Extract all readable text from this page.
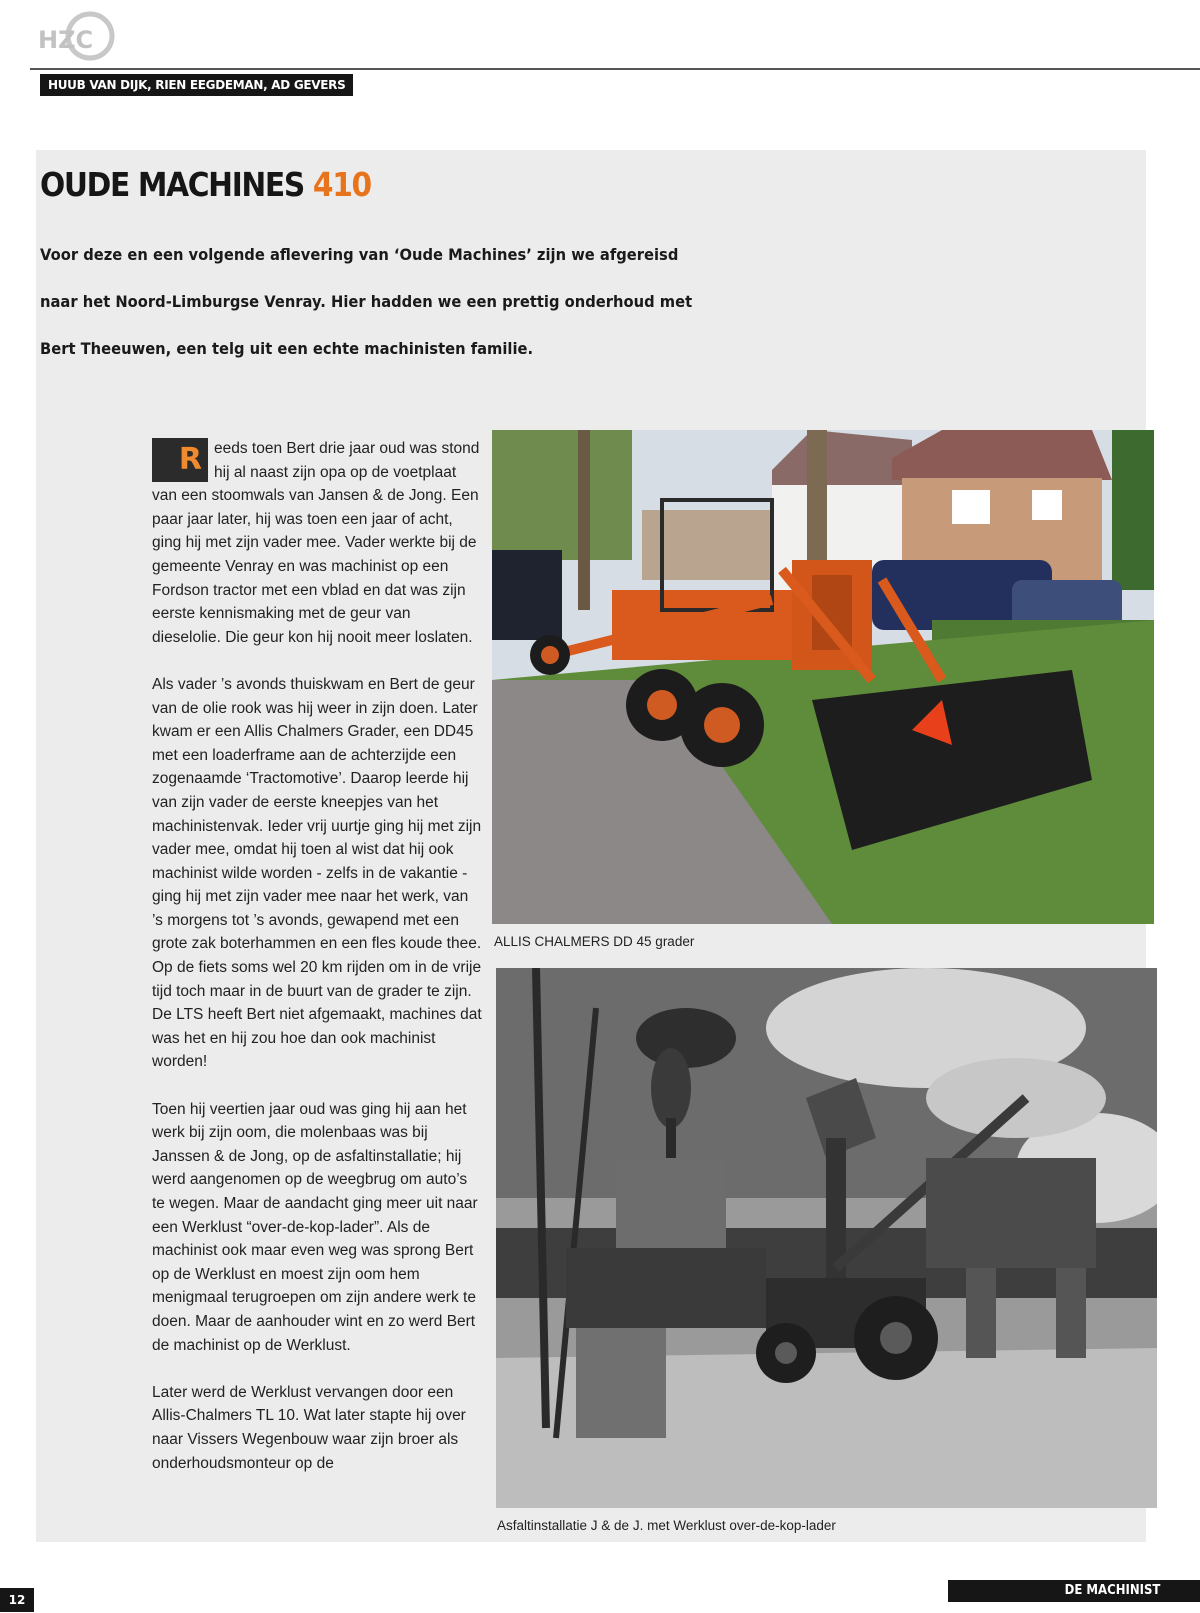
HZC
HUUB VAN DIJK, RIEN EEGDEMAN, AD GEVERS
OUDE MACHINES 410

Voor deze en een volgende aflevering van ‘Oude Machines’ zijn we afgereisd

naar het Noord-Limburgse Venray. Hier hadden we een prettig onderhoud met

Bert Theeuwen, een telg uit een echte machinisten familie.

R eeds toen Bert drie jaar oud was stond hij al naast zijn opa op de voetplaat van een stoomwals van Jansen & de Jong. Een paar jaar later, hij was toen een jaar of acht, ging hij met zijn vader mee. Vader werkte bij de gemeente Venray en was machinist op een Fordson tractor met een vblad en dat was zijn eerste kennismaking met de geur van dieselolie. Die geur kon hij nooit meer loslaten.

Als vader ’s avonds thuiskwam en Bert de geur van de olie rook was hij weer in zijn doen. Later kwam er een Allis Chalmers Grader, een DD45 met een loaderframe aan de achterzijde een zogenaamde ‘Tractomotive’. Daarop leerde hij van zijn vader de eerste kneepjes van het machinistenvak. Ieder vrij uurtje ging hij met zijn vader mee, omdat hij toen al wist dat hij ook machinist wilde worden - zelfs in de vakantie - ging hij met zijn vader mee naar het werk, van ’s morgens tot ’s avonds, gewapend met een grote zak boterhammen en een fles koude thee. Op de fiets soms wel 20 km rijden om in de vrije tijd toch maar in de buurt van de grader te zijn. De LTS heeft Bert niet afgemaakt, machines dat was het en hij zou hoe dan ook machinist worden!

Toen hij veertien jaar oud was ging hij aan het werk bij zijn oom, die molenbaas was bij Janssen & de Jong, op de asfaltinstallatie; hij werd aangenomen op de weegbrug om auto’s te wegen. Maar de aandacht ging meer uit naar een Werklust “over-de-kop-lader”. Als de machinist ook maar even weg was sprong Bert op de Werklust en moest zijn oom hem menigmaal terugroepen om zijn andere werk te doen. Maar de aanhouder wint en zo werd Bert de machinist op de Werklust.

Later werd de Werklust vervangen door een Allis-Chalmers TL 10. Wat later stapte hij over naar Vissers Wegenbouw waar zijn broer als onderhoudsmonteur op de

ALLIS CHALMERS DD 45 grader
Asfaltinstallatie J & de J. met Werklust over-de-kop-lader
12
DE MACHINIST
